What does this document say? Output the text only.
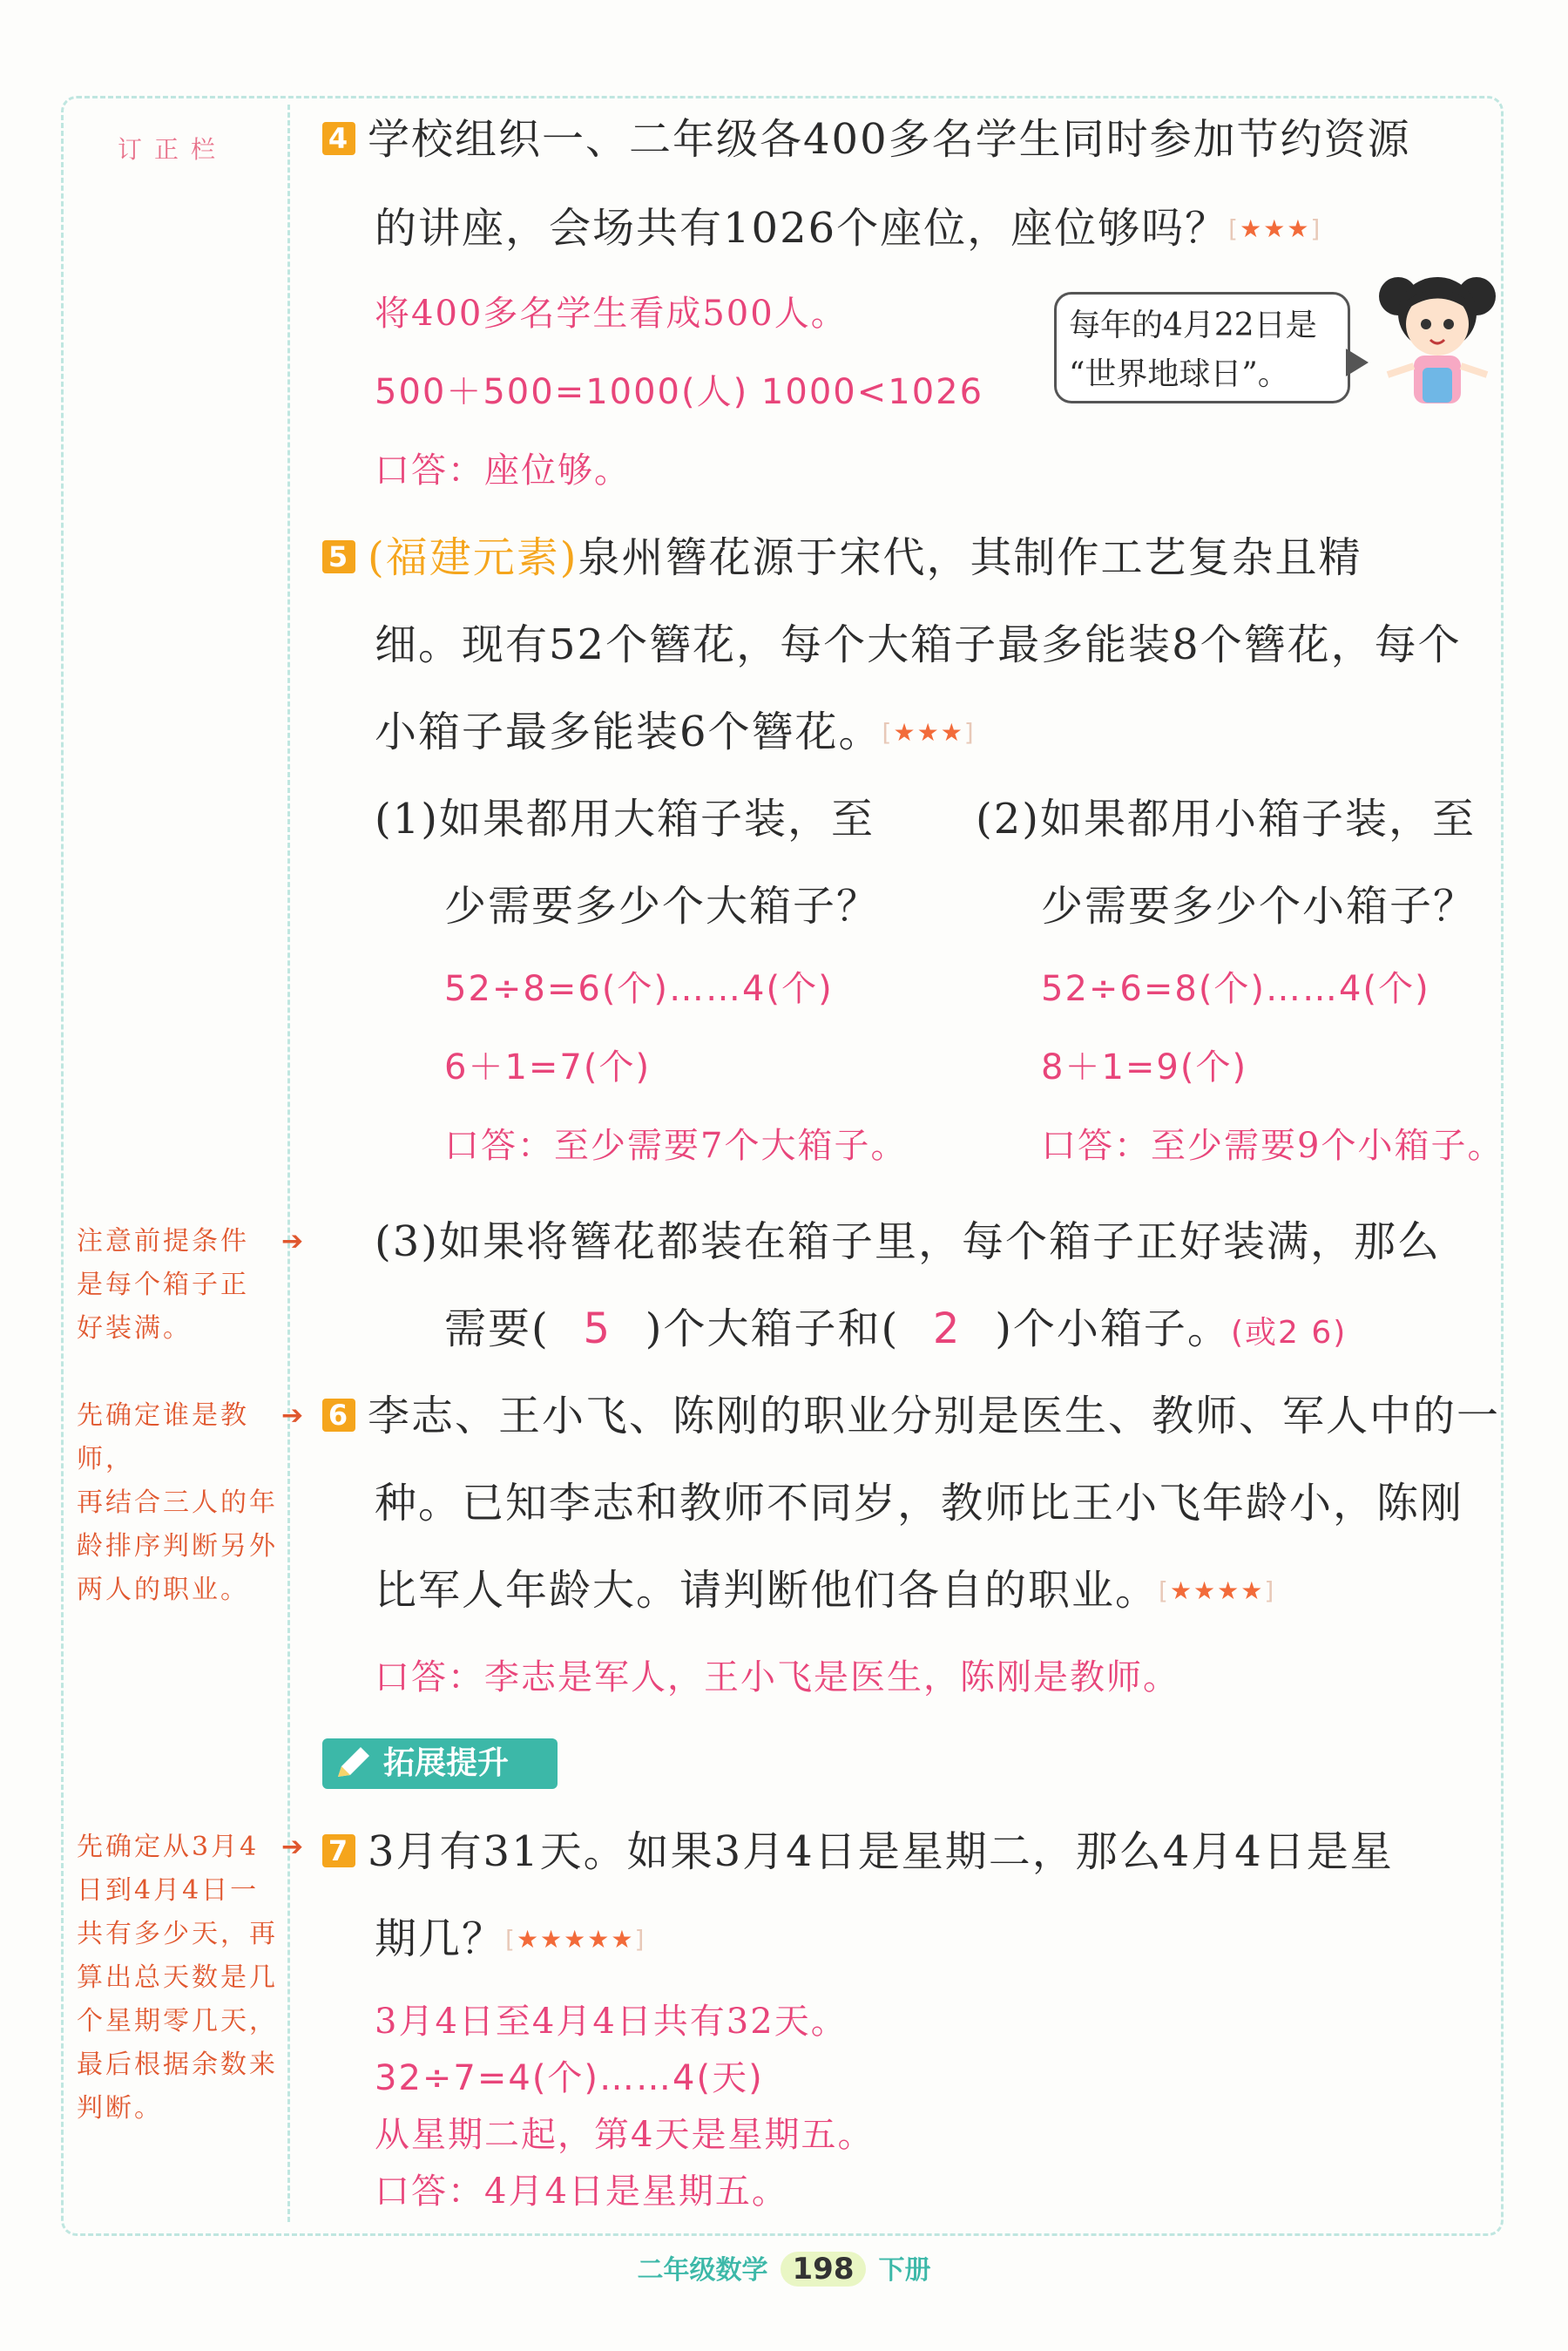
订正栏
注意前提条件
是每个箱子正
好装满。
➔
先确定谁是教师，
再结合三人的年
龄排序判断另外
两人的职业。
➔
先确定从3月4
日到4月4日一
共有多少天，再
算出总天数是几
个星期零几天，
最后根据余数来
判断。
➔
4 学校组织一、二年级各400多名学生同时参加节约资源
的讲座，会场共有1026个座位，座位够吗？[★★★]
将400多名学生看成500人。
500＋500=1000(人) 1000<1026
口答：座位够。
每年的4月22日是
“世界地球日”。
5 (福建元素)泉州簪花源于宋代，其制作工艺复杂且精
细。现有52个簪花，每个大箱子最多能装8个簪花，每个
小箱子最多能装6个簪花。[★★★]
(1)如果都用大箱子装，至
少需要多少个大箱子？
52÷8=6(个)……4(个)
6＋1=7(个)
口答：至少需要7个大箱子。
(2)如果都用小箱子装，至
少需要多少个小箱子？
52÷6=8(个)……4(个)
8＋1=9(个)
口答：至少需要9个小箱子。
(3)如果将簪花都装在箱子里，每个箱子正好装满，那么
需要( 5 )个大箱子和( 2 )个小箱子。(或2 6)
6 李志、王小飞、陈刚的职业分别是医生、教师、军人中的一
种。已知李志和教师不同岁，教师比王小飞年龄小，陈刚
比军人年龄大。请判断他们各自的职业。[★★★★]
口答：李志是军人，王小飞是医生，陈刚是教师。
拓展提升
7 3月有31天。如果3月4日是星期二，那么4月4日是星
期几？[★★★★★]
3月4日至4月4日共有32天。
32÷7=4(个)……4(天)
从星期二起，第4天是星期五。
口答：4月4日是星期五。
二年级数学 198 下册
